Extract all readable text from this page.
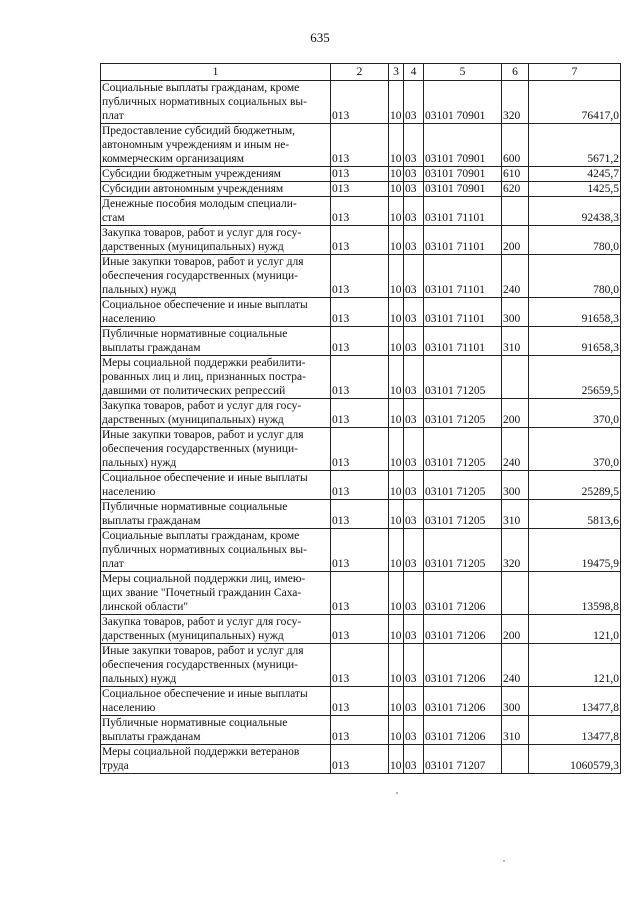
635
1	2	3	4	5	6	7
Социальные выплаты гражданам, кроме
публичных нормативных социальных вы-
плат	013	10	03	03101 70901	320	76417,0
Предоставление субсидий бюджетным,
автономным учреждениям и иным не-
коммерческим организациям	013	10	03	03101 70901	600	5671,2
Субсидии бюджетным учреждениям	013	10	03	03101 70901	610	4245,7
Субсидии автономным учреждениям	013	10	03	03101 70901	620	1425,5
Денежные пособия молодым специали-
стам	013	10	03	03101 71101		92438,3
Закупка товаров, работ и услуг для госу-
дарственных (муниципальных) нужд	013	10	03	03101 71101	200	780,0
Иные закупки товаров, работ и услуг для
обеспечения государственных (муници-
пальных) нужд	013	10	03	03101 71101	240	780,0
Социальное обеспечение и иные выплаты
населению	013	10	03	03101 71101	300	91658,3
Публичные нормативные социальные
выплаты гражданам	013	10	03	03101 71101	310	91658,3
Меры социальной поддержки реабилити-
рованных лиц и лиц, признанных постра-
давшими от политических репрессий	013	10	03	03101 71205		25659,5
Закупка товаров, работ и услуг для госу-
дарственных (муниципальных) нужд	013	10	03	03101 71205	200	370,0
Иные закупки товаров, работ и услуг для
обеспечения государственных (муници-
пальных) нужд	013	10	03	03101 71205	240	370,0
Социальное обеспечение и иные выплаты
населению	013	10	03	03101 71205	300	25289,5
Публичные нормативные социальные
выплаты гражданам	013	10	03	03101 71205	310	5813,6
Социальные выплаты гражданам, кроме
публичных нормативных социальных вы-
плат	013	10	03	03101 71205	320	19475,9
Меры социальной поддержки лиц, имею-
щих звание "Почетный гражданин Саха-
линской области"	013	10	03	03101 71206		13598,8
Закупка товаров, работ и услуг для госу-
дарственных (муниципальных) нужд	013	10	03	03101 71206	200	121,0
Иные закупки товаров, работ и услуг для
обеспечения государственных (муници-
пальных) нужд	013	10	03	03101 71206	240	121,0
Социальное обеспечение и иные выплаты
населению	013	10	03	03101 71206	300	13477,8
Публичные нормативные социальные
выплаты гражданам	013	10	03	03101 71206	310	13477,8
Меры социальной поддержки ветеранов
труда	013	10	03	03101 71207		1060579,3
